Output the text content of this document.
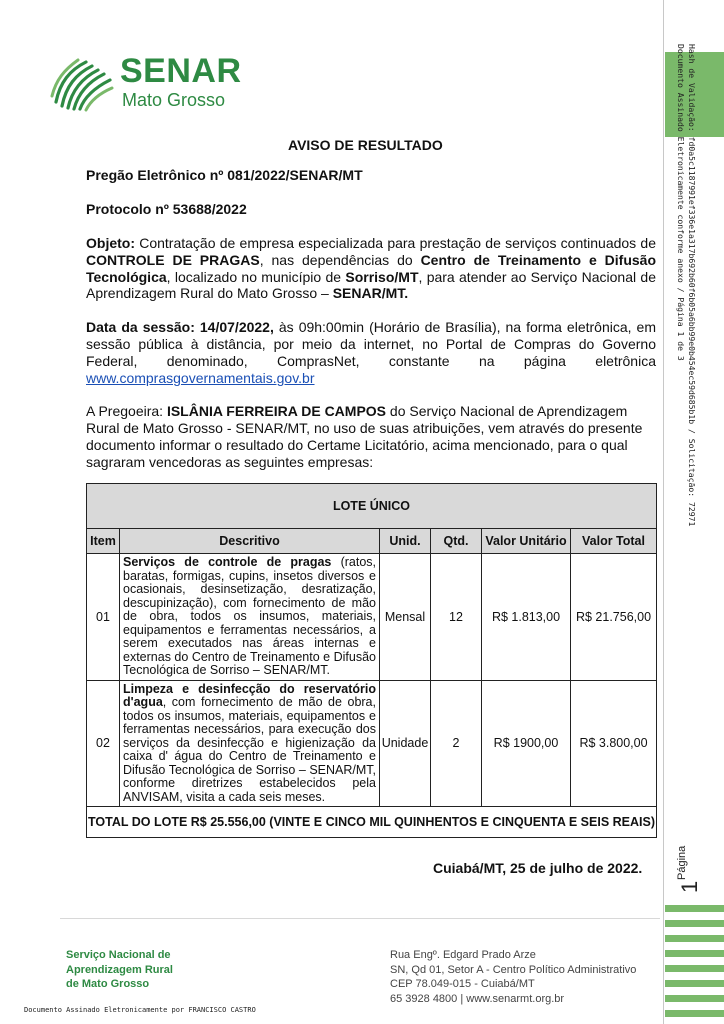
SENAR
Mato Grosso	Hash de Validação: fd0a5c1187991ef336e1a317b692b60f6b05a6bb99e0b454ec59d685b1b / Solicitação: 72971
Documento Assinado Eletronicamente conforme anexo / Página 1 de 3
Página
1
AVISO DE RESULTADO
Pregão Eletrônico nº 081/2022/SENAR/MT
Protocolo nº 53688/2022
Objeto: Contratação de empresa especializada para prestação de serviços continuados de CONTROLE DE PRAGAS, nas dependências do Centro de Treinamento e Difusão Tecnológica, localizado no município de Sorriso/MT, para atender ao Serviço Nacional de Aprendizagem Rural do Mato Grosso – SENAR/MT.
Data da sessão: 14/07/2022, às 09h:00min (Horário de Brasília), na forma eletrônica, em sessão pública à distância, por meio da internet, no Portal de Compras do Governo Federal, denominado, ComprasNet, constante na página eletrônica
www.comprasgovernamentais.gov.br
A Pregoeira: ISLÂNIA FERREIRA DE CAMPOS do Serviço Nacional de Aprendizagem Rural de Mato Grosso - SENAR/MT, no uso de suas atribuições, vem através do presente documento informar o resultado do Certame Licitatório, acima mencionado, para o qual sagraram vencedoras as seguintes empresas:
LOTE ÚNICO					
Item	Descritivo	Unid.	Qtd.	Valor Unitário	Valor Total
01	Serviços de controle de pragas (ratos, baratas, formigas, cupins, insetos diversos e ocasionais, desinsetização, desratização, descupinização), com fornecimento de mão de obra, todos os insumos, materiais, equipamentos e ferramentas necessários, a serem executados nas áreas internas e externas do Centro de Treinamento e Difusão Tecnológica de Sorriso – SENAR/MT.	Mensal	12	R$ 1.813,00	R$ 21.756,00
02	Limpeza e desinfecção do reservatório d'agua, com fornecimento de mão de obra, todos os insumos, materiais, equipamentos e ferramentas necessários, para execução dos serviços da desinfecção e higienização da caixa d' água do Centro de Treinamento e Difusão Tecnológica de Sorriso – SENAR/MT, conforme diretrizes estabelecidos pela ANVISAM, visita a cada seis meses.	Unidade	2	R$ 1900,00	R$ 3.800,00
TOTAL DO LOTE R$ 25.556,00 (VINTE E CINCO MIL QUINHENTOS E CINQUENTA E SEIS REAIS)					
Cuiabá/MT, 25 de julho de 2022.
Serviço Nacional de
Aprendizagem Rural
de Mato Grosso
Rua Engº. Edgard Prado Arze
SN, Qd 01, Setor A - Centro Político Administrativo
CEP 78.049-015 - Cuiabá/MT
65 3928 4800 | www.senarmt.org.br
Documento Assinado Eletronicamente por FRANCISCO CASTRO
